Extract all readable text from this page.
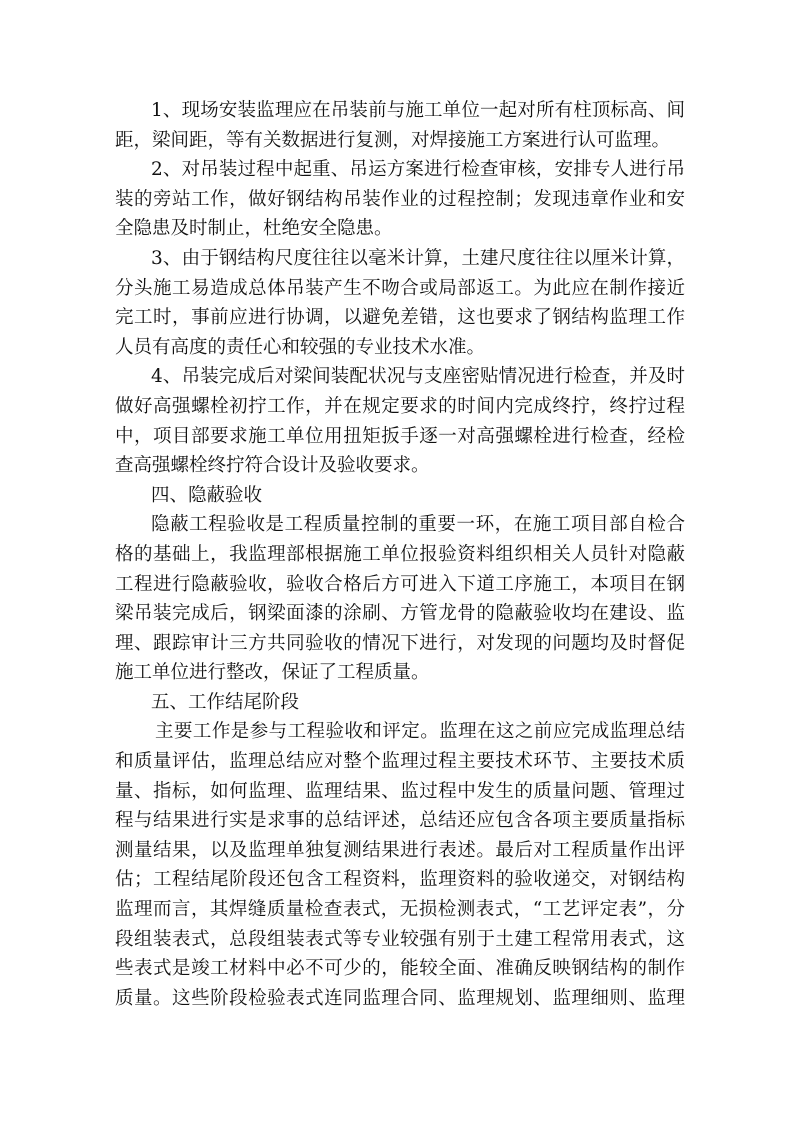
1、现场安装监理应在吊装前与施工单位一起对所有柱顶标高、间
距，梁间距，等有关数据进行复测，对焊接施工方案进行认可监理。
2、对吊装过程中起重、吊运方案进行检查审核，安排专人进行吊
装的旁站工作，做好钢结构吊装作业的过程控制；发现违章作业和安
全隐患及时制止，杜绝安全隐患。
3、由于钢结构尺度往往以毫米计算，土建尺度往往以厘米计算，
分头施工易造成总体吊装产生不吻合或局部返工。为此应在制作接近
完工时，事前应进行协调，以避免差错，这也要求了钢结构监理工作
人员有高度的责任心和较强的专业技术水准。
4、吊装完成后对梁间装配状况与支座密贴情况进行检查，并及时
做好高强螺栓初拧工作，并在规定要求的时间内完成终拧，终拧过程
中，项目部要求施工单位用扭矩扳手逐一对高强螺栓进行检查，经检
查高强螺栓终拧符合设计及验收要求。
四、隐蔽验收
隐蔽工程验收是工程质量控制的重要一环，在施工项目部自检合
格的基础上，我监理部根据施工单位报验资料组织相关人员针对隐蔽
工程进行隐蔽验收，验收合格后方可进入下道工序施工，本项目在钢
梁吊装完成后，钢梁面漆的涂刷、方管龙骨的隐蔽验收均在建设、监
理、跟踪审计三方共同验收的情况下进行，对发现的问题均及时督促
施工单位进行整改，保证了工程质量。
五、工作结尾阶段
主要工作是参与工程验收和评定。监理在这之前应完成监理总结
和质量评估，监理总结应对整个监理过程主要技术环节、主要技术质
量、指标，如何监理、监理结果、监过程中发生的质量问题、管理过
程与结果进行实是求事的总结评述，总结还应包含各项主要质量指标
测量结果，以及监理单独复测结果进行表述。最后对工程质量作出评
估；工程结尾阶段还包含工程资料，监理资料的验收递交，对钢结构
监理而言，其焊缝质量检查表式，无损检测表式，“工艺评定表”，分
段组装表式，总段组装表式等专业较强有别于土建工程常用表式，这
些表式是竣工材料中必不可少的，能较全面、准确反映钢结构的制作
质量。这些阶段检验表式连同监理合同、监理规划、监理细则、监理
